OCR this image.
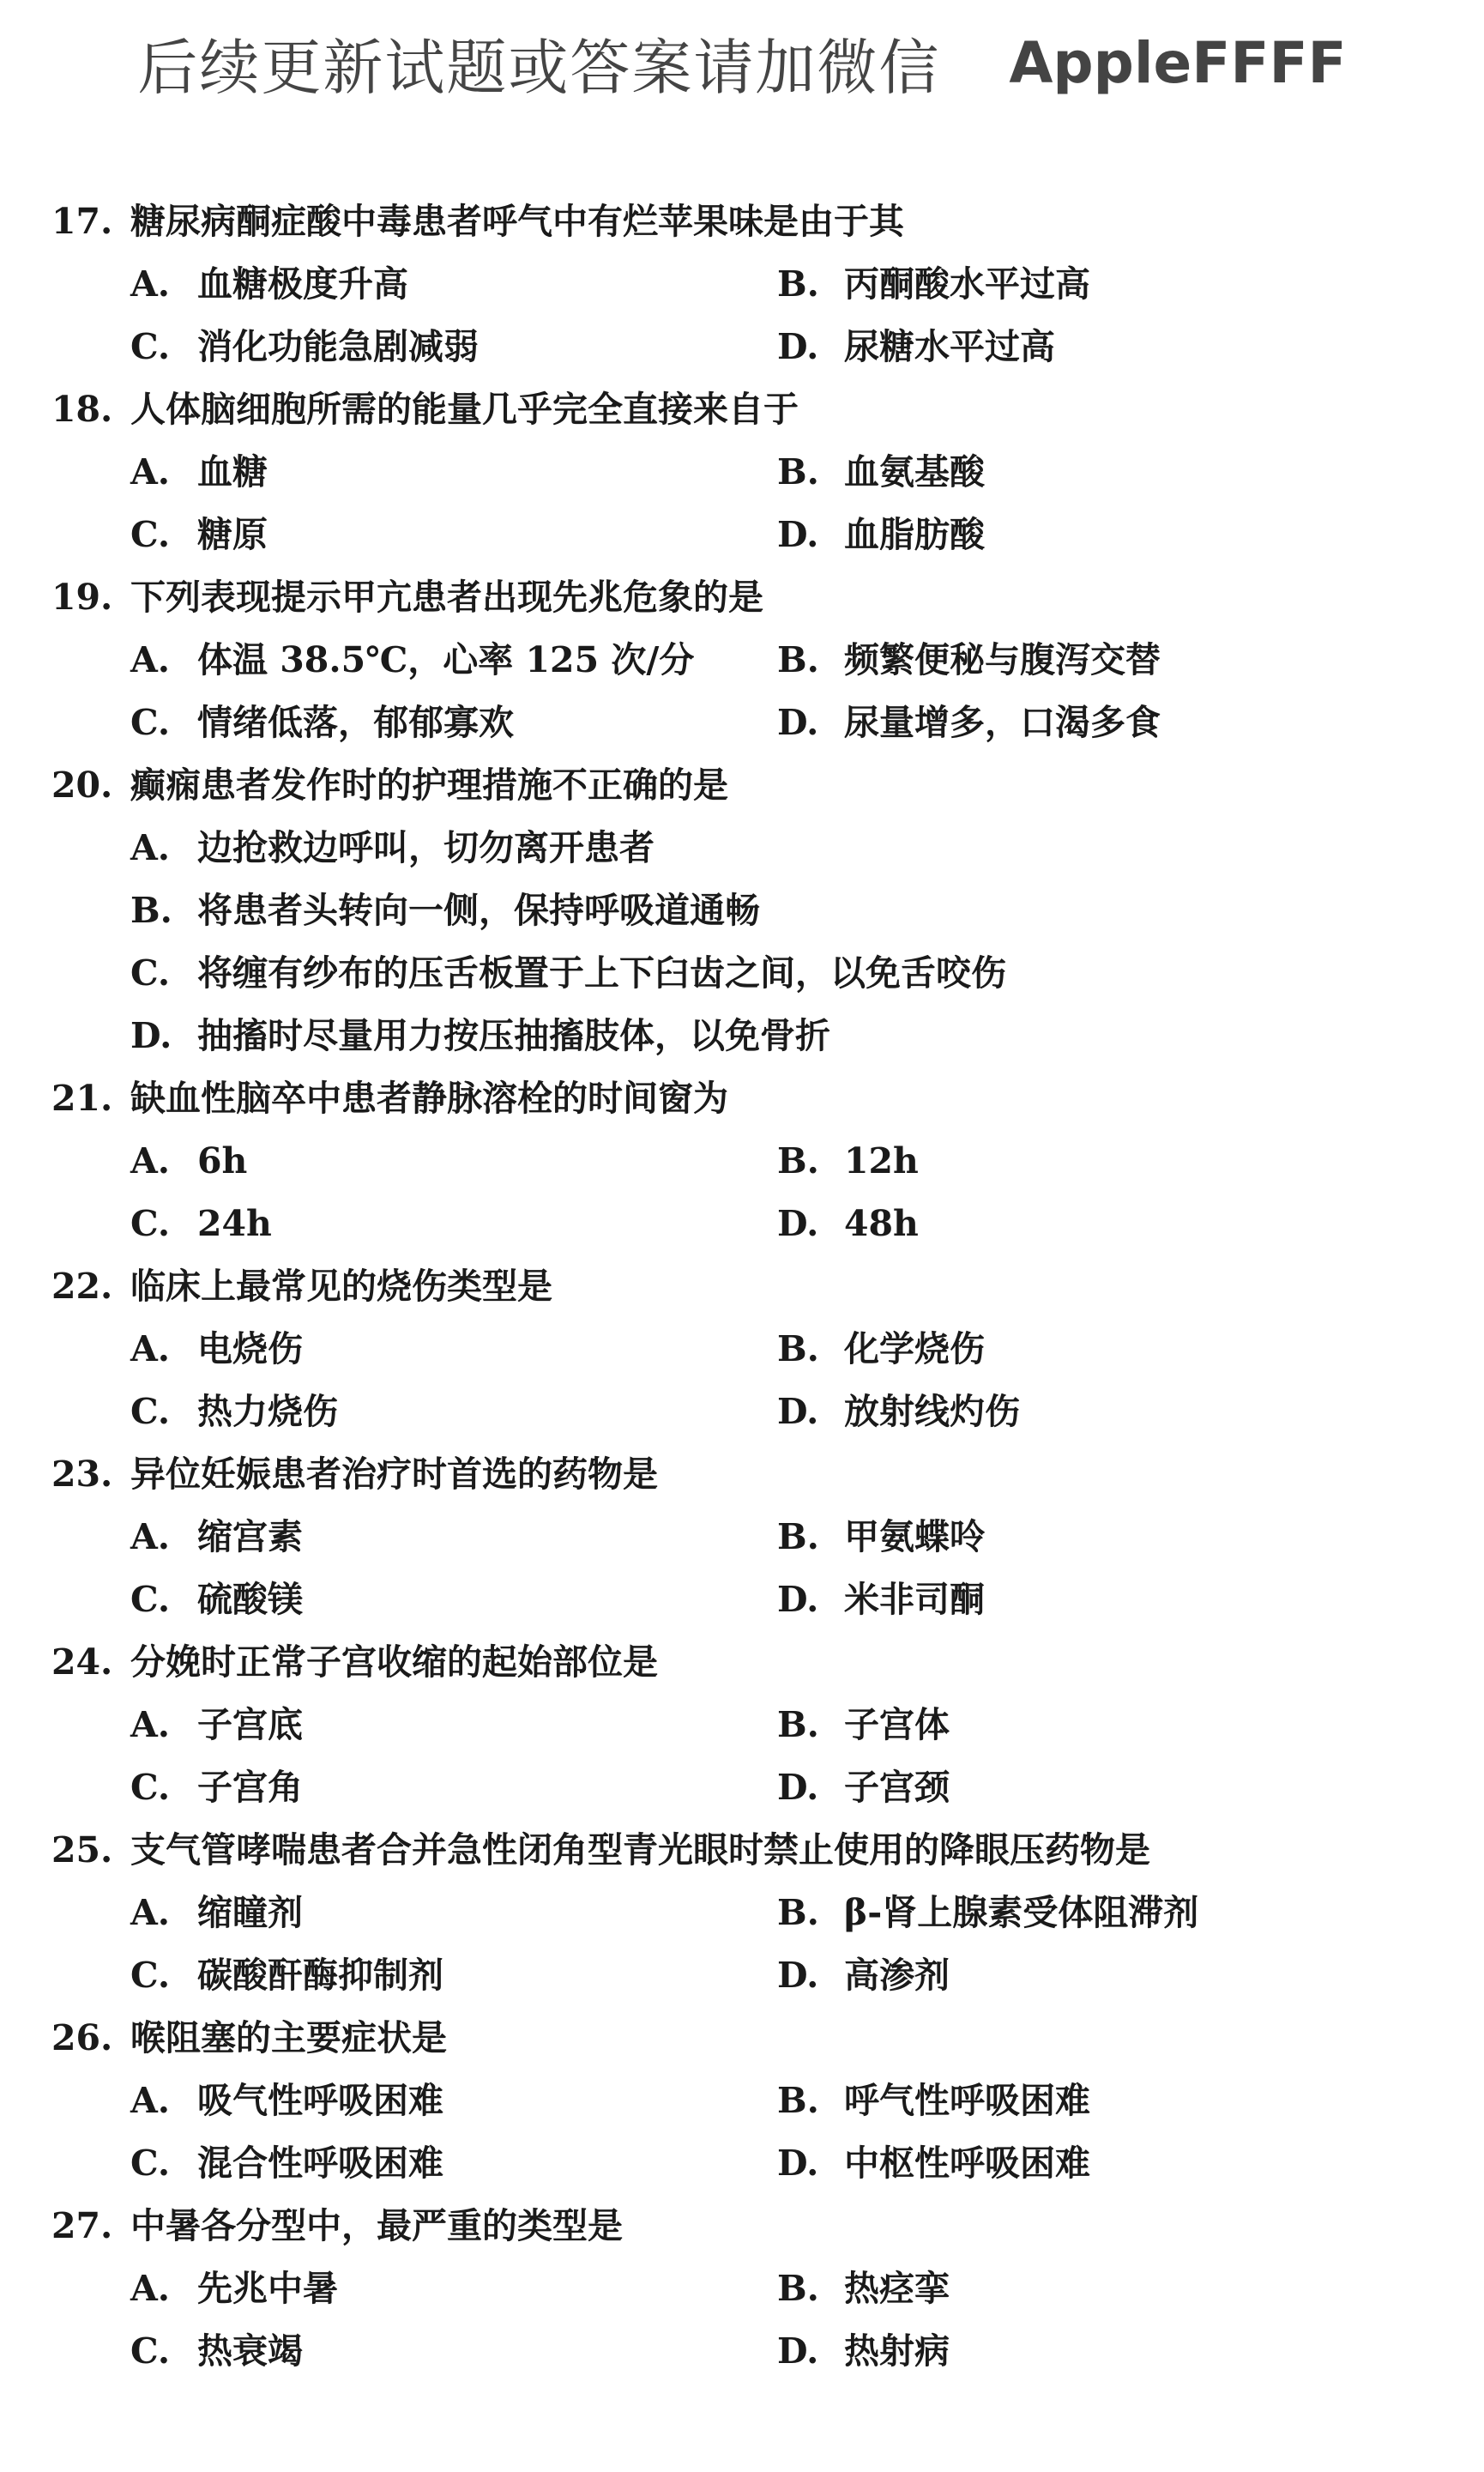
后续更新试题或答案请加微信 AppleFFFF
17. 糖尿病酮症酸中毒患者呼气中有烂苹果味是由于其
A. 血糖极度升高	B. 丙酮酸水平过高
C. 消化功能急剧减弱	D. 尿糖水平过高
18. 人体脑细胞所需的能量几乎完全直接来自于
A. 血糖	B. 血氨基酸
C. 糖原	D. 血脂肪酸
19. 下列表现提示甲亢患者出现先兆危象的是
A. 体温 38.5℃，心率 125 次/分	B. 频繁便秘与腹泻交替
C. 情绪低落，郁郁寡欢	D. 尿量增多，口渴多食
20. 癫痫患者发作时的护理措施不正确的是
A. 边抢救边呼叫，切勿离开患者
B. 将患者头转向一侧，保持呼吸道通畅
C. 将缠有纱布的压舌板置于上下臼齿之间，以免舌咬伤
D. 抽搐时尽量用力按压抽搐肢体，以免骨折
21. 缺血性脑卒中患者静脉溶栓的时间窗为
A. 6h	B. 12h
C. 24h	D. 48h
22. 临床上最常见的烧伤类型是
A. 电烧伤	B. 化学烧伤
C. 热力烧伤	D. 放射线灼伤
23. 异位妊娠患者治疗时首选的药物是
A. 缩宫素	B. 甲氨蝶呤
C. 硫酸镁	D. 米非司酮
24. 分娩时正常子宫收缩的起始部位是
A. 子宫底	B. 子宫体
C. 子宫角	D. 子宫颈
25. 支气管哮喘患者合并急性闭角型青光眼时禁止使用的降眼压药物是
A. 缩瞳剂	B. β-肾上腺素受体阻滞剂
C. 碳酸酐酶抑制剂	D. 高渗剂
26. 喉阻塞的主要症状是
A. 吸气性呼吸困难	B. 呼气性呼吸困难
C. 混合性呼吸困难	D. 中枢性呼吸困难
27. 中暑各分型中，最严重的类型是
A. 先兆中暑	B. 热痉挛
C. 热衰竭	D. 热射病
